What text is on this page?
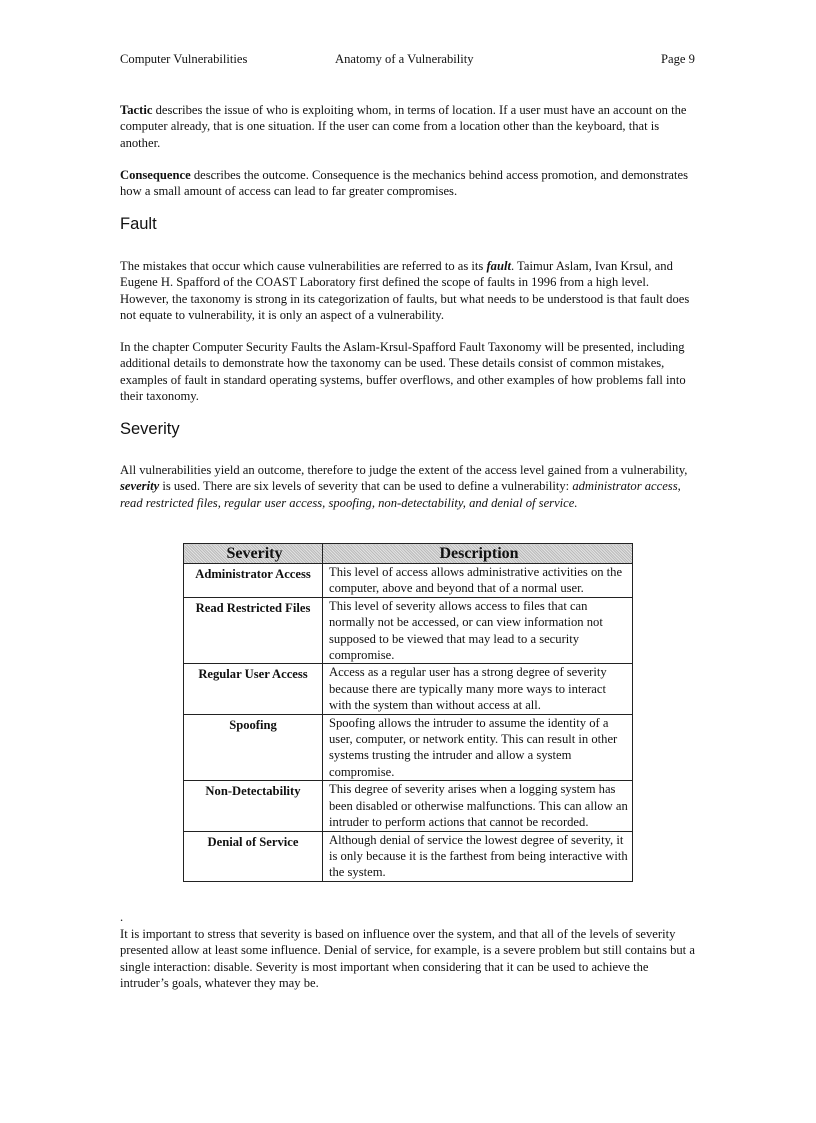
Computer Vulnerabilities	Anatomy of a Vulnerability	Page 9

Tactic describes the issue of who is exploiting whom, in terms of location. If a user must have an account on the computer already, that is one situation. If the user can come from a location other than the keyboard, that is another.

Consequence describes the outcome. Consequence is the mechanics behind access promotion, and demonstrates how a small amount of access can lead to far greater compromises.

Fault

The mistakes that occur which cause vulnerabilities are referred to as its fault. Taimur Aslam, Ivan Krsul, and Eugene H. Spafford of the COAST Laboratory first defined the scope of faults in 1996 from a high level. However, the taxonomy is strong in its categorization of faults, but what needs to be understood is that fault does not equate to vulnerability, it is only an aspect of a vulnerability.

In the chapter Computer Security Faults the Aslam-Krsul-Spafford Fault Taxonomy will be presented, including additional details to demonstrate how the taxonomy can be used. These details consist of common mistakes, examples of fault in standard operating systems, buffer overflows, and other examples of how problems fall into their taxonomy.

Severity

All vulnerabilities yield an outcome, therefore to judge the extent of the access level gained from a vulnerability, severity is used. There are six levels of severity that can be used to define a vulnerability: administrator access, read restricted files, regular user access, spoofing, non-detectability, and denial of service.

Severity	Description
Administrator Access	This level of access allows administrative activities on the computer, above and beyond that of a normal user.
Read Restricted Files	This level of severity allows access to files that can normally not be accessed, or can view information not supposed to be viewed that may lead to a security compromise.
Regular User Access	Access as a regular user has a strong degree of severity because there are typically many more ways to interact with the system than without access at all.
Spoofing	Spoofing allows the intruder to assume the identity of a user, computer, or network entity. This can result in other systems trusting the intruder and allow a system compromise.
Non-Detectability	This degree of severity arises when a logging system has been disabled or otherwise malfunctions. This can allow an intruder to perform actions that cannot be recorded.
Denial of Service	Although denial of service the lowest degree of severity, it is only because it is the farthest from being interactive with the system.
.

It is important to stress that severity is based on influence over the system, and that all of the levels of severity presented allow at least some influence. Denial of service, for example, is a severe problem but still contains but a single interaction: disable. Severity is most important when considering that it can be used to achieve the intruder’s goals, whatever they may be.
